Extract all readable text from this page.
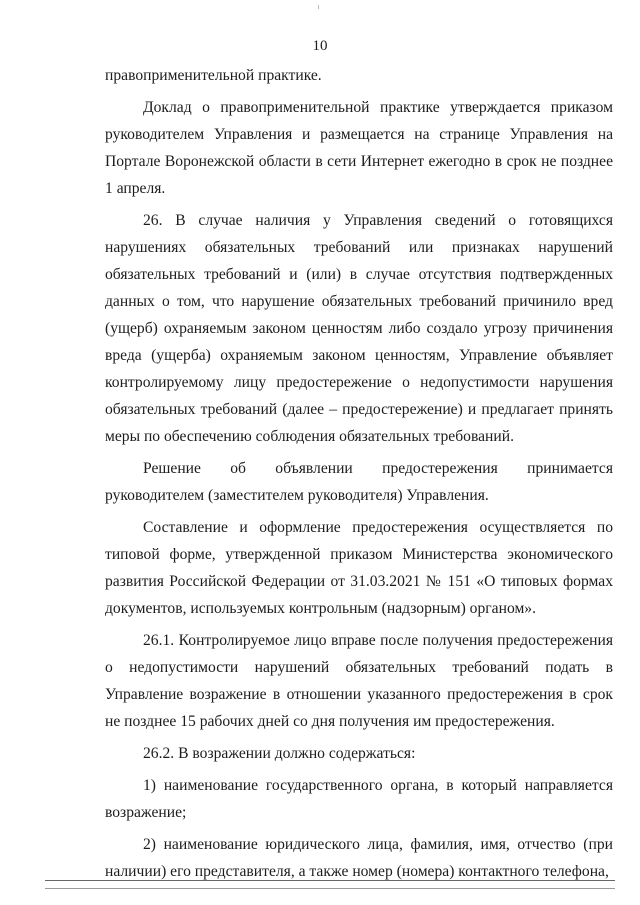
10

правоприменительной практике.

Доклад о правоприменительной практике утверждается приказом руководителем Управления и размещается на странице Управления на Портале Воронежской области в сети Интернет ежегодно в срок не позднее 1 апреля.

26. В случае наличия у Управления сведений о готовящихся нарушениях обязательных требований или признаках нарушений обязательных требований и (или) в случае отсутствия подтвержденных данных о том, что нарушение обязательных требований причинило вред (ущерб) охраняемым законом ценностям либо создало угрозу причинения вреда (ущерба) охраняемым законом ценностям, Управление объявляет контролируемому лицу предостережение о недопустимости нарушения обязательных требований (далее – предостережение) и предлагает принять меры по обеспечению соблюдения обязательных требований.

Решение об объявлении предостережения принимается руководителем (заместителем руководителя) Управления.

Составление и оформление предостережения осуществляется по типовой форме, утвержденной приказом Министерства экономического развития Российской Федерации от 31.03.2021 № 151 «О типовых формах документов, используемых контрольным (надзорным) органом».

26.1. Контролируемое лицо вправе после получения предостережения о недопустимости нарушений обязательных требований подать в Управление возражение в отношении указанного предостережения в срок не позднее 15 рабочих дней со дня получения им предостережения.

26.2. В возражении должно содержаться:

1) наименование государственного органа, в который направляется возражение;

2) наименование юридического лица, фамилия, имя, отчество (при наличии) его представителя, а также номер (номера) контактного телефона,
